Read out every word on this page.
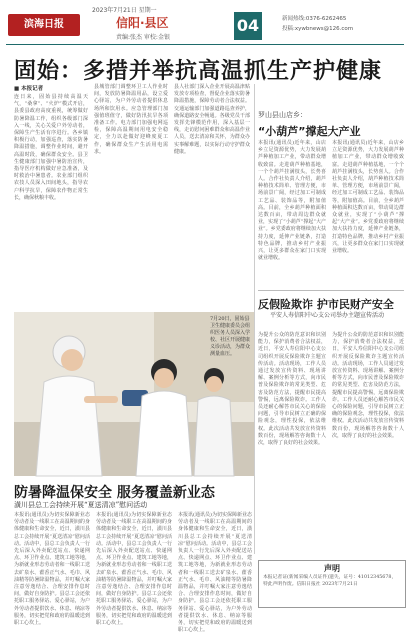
2023年7月21日 星期一
滨海日报	信阳·县区
责编:张杰 审校:金银
04	新闻热线:0376-6262465
投稿:xywbnews@126.com
固始：多措并举抗高温抓生产护健康
■ 本报记者
连日来，固始县持续高温天气，“桑拿”、“火炉”模式开启，县委县政府高度重视，统筹做好防暑降温工作，组织各级部门深入一线，关心关爱户外劳动者，保障生产生活有序进行。各乡镇积极行动，加强巡查，落实防暑降温措施，调整作业时间，避开高温时段，确保群众安全。县卫生健康部门加强中暑防治宣传，指导医疗机构做好应急准备，及时救治中暑患者。农业部门组织农技人员深入田间地头，指导农户科学抗旱，保障农作物正常生长，确保秋粮丰收。
县城管部门调整环卫工人作业时间，发放防暑降温用品，设立爱心驿站，为户外劳动者提供休息场所和饮用水。应急管理部门加强值班值守，做好防汛抗旱各项准备工作。电力部门加强电网巡检，保障高温期间用电安全稳定，全力以赴做好迎峰度夏工作，确保群众生产生活用电需求。
县人社部门深入企业开展高温津贴发放专项检查，督促企业落实防暑降温措施，保障劳动者合法权益。交通运输部门加强道路巡查养护，确保道路安全畅通。各级党员干部发挥先锋模范作用，深入基层一线，走访慰问困难群众和高温作业人员，送去清凉和关怀，为群众办实事解难题，以实际行动守护群众健康。
罗山县山店乡：
“小葫芦”撑起大产业
本报讯(通讯员)近年来，山店乡立足资源优势，大力发展葫芦种植加工产业，带动群众增收致富。走进葫芦种植基地，一个个葫芦挂满枝头，长势喜人。合作社负责人介绍，葫芦种植技术简单、管理方便，市场前景广阔，经过加工可制成工艺品、装饰品等，附加值高。目前，全乡葫芦种植面积达数百亩，带动周边群众就业，实现了“小葫芦”撑起“大产业”。乡党委政府将继续加大扶持力度，延伸产业链条，打造特色品牌，推动乡村产业振兴，让更多群众在家门口实现就业增收。
本报讯(通讯员)近年来，山店乡立足资源优势，大力发展葫芦种植加工产业，带动群众增收致富。走进葫芦种植基地，一个个葫芦挂满枝头，长势喜人。合作社负责人介绍，葫芦种植技术简单、管理方便，市场前景广阔，经过加工可制成工艺品、装饰品等，附加值高。目前，全乡葫芦种植面积达数百亩，带动周边群众就业，实现了“小葫芦”撑起“大产业”。乡党委政府将继续加大扶持力度，延伸产业链条，打造特色品牌，推动乡村产业振兴，让更多群众在家门口实现就业增收。
反假险欺诈 护市民财产安全
平安人寿信阳中心支公司举办主题宣传活动
为提升公众的防范意识和识别能力，保护消费者合法权益，近日，平安人寿信阳中心支公司组织开展反保险欺诈主题宣传活动。活动现场，工作人员通过发放宣传资料、现场讲解、案例分析等方式，向市民普及保险欺诈的常见类型、危害及防范方法，提醒市民提高警惕，远离保险欺诈。工作人员还耐心解答市民关心的保险问题，引导市民树立正确的保险观念，理性投保，依法维权。此次活动共发放宣传资料数百份，现场解答咨询数十人次，取得了良好的社会效果。
为提升公众的防范意识和识别能力，保护消费者合法权益，近日，平安人寿信阳中心支公司组织开展反保险欺诈主题宣传活动。活动现场，工作人员通过发放宣传资料、现场讲解、案例分析等方式，向市民普及保险欺诈的常见类型、危害及防范方法，提醒市民提高警惕，远离保险欺诈。工作人员还耐心解答市民关心的保险问题，引导市民树立正确的保险观念，理性投保，依法维权。此次活动共发放宣传资料数百份，现场解答咨询数十人次，取得了良好的社会效果。
7月20日，固始县卫生健康委员会组织医务人员深入学校、社区开展健康义诊活动，为群众测量血压。
防暑降温保安全 服务覆盖新业态
潢川县总工会持续开展“夏送清凉”慰问活动
本报讯(通讯员)为切实保障新业态劳动者及一线职工在高温期间的身体健康和生命安全，近日，潢川县总工会持续开展“夏送清凉”慰问活动。活动中，县总工会负责人一行先后深入外卖配送站点、快递网点、环卫作业点、建筑工地等地，为新就业形态劳动者和一线职工送去矿泉水、藿香正气水、毛巾、风油精等防暑降温物品，并叮嘱大家注意劳逸结合、合理安排作息时间，做好自身防护。县总工会还依托职工服务驿站、爱心驿站，为户外劳动者提供饮水、休息、纳凉等服务，切实把党和政府的温暖送到职工心坎上。
本报讯(通讯员)为切实保障新业态劳动者及一线职工在高温期间的身体健康和生命安全，近日，潢川县总工会持续开展“夏送清凉”慰问活动。活动中，县总工会负责人一行先后深入外卖配送站点、快递网点、环卫作业点、建筑工地等地，为新就业形态劳动者和一线职工送去矿泉水、藿香正气水、毛巾、风油精等防暑降温物品，并叮嘱大家注意劳逸结合、合理安排作息时间，做好自身防护。县总工会还依托职工服务驿站、爱心驿站，为户外劳动者提供饮水、休息、纳凉等服务，切实把党和政府的温暖送到职工心坎上。
本报讯(通讯员)为切实保障新业态劳动者及一线职工在高温期间的身体健康和生命安全，近日，潢川县总工会持续开展“夏送清凉”慰问活动。活动中，县总工会负责人一行先后深入外卖配送站点、快递网点、环卫作业点、建筑工地等地，为新就业形态劳动者和一线职工送去矿泉水、藿香正气水、毛巾、风油精等防暑降温物品，并叮嘱大家注意劳逸结合、合理安排作息时间，做好自身防护。县总工会还依托职工服务驿站、爱心驿站，为户外劳动者提供饮水、休息、纳凉等服务，切实把党和政府的温暖送到职工心坎上。
声明
本报记者证(新闻采编人员证件)遗失，证号：41012345678，特此声明作废。信阳日报社 2023年7月21日
